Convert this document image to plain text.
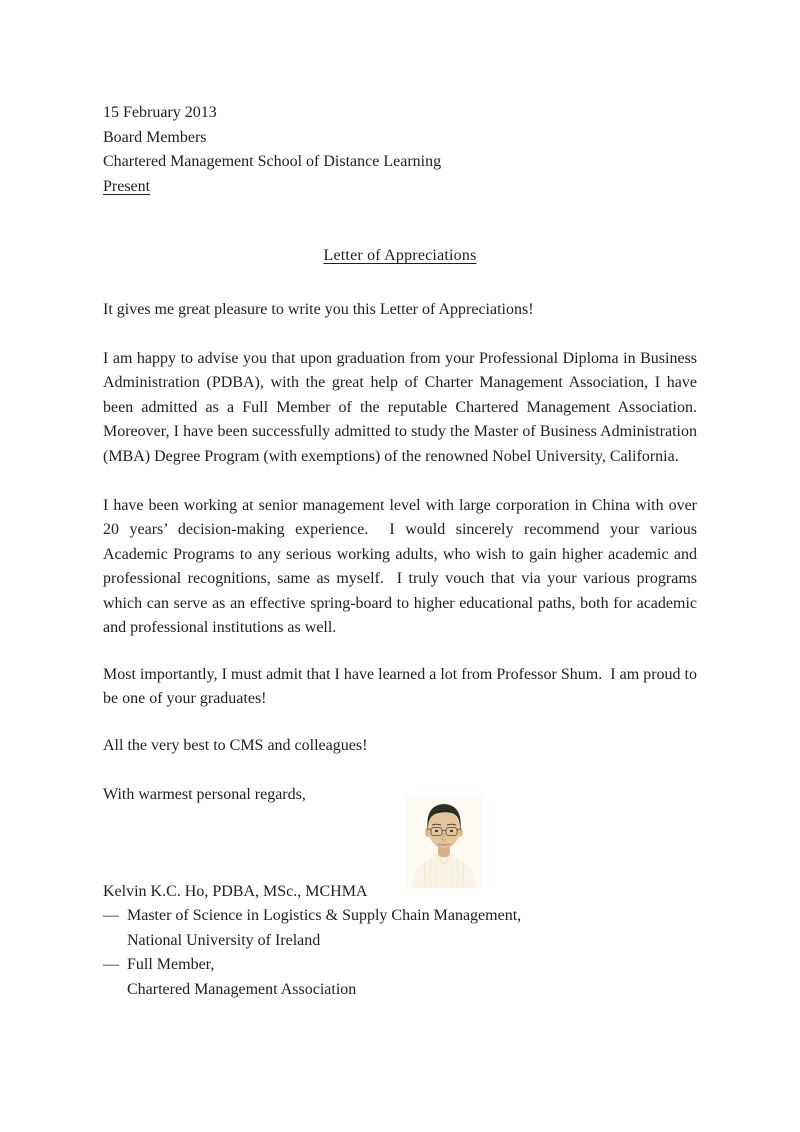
15 February 2013

Board Members

Chartered Management School of Distance Learning

Present

Letter of Appreciations

It gives me great pleasure to write you this Letter of Appreciations!

I am happy to advise you that upon graduation from your Professional Diploma in Business Administration (PDBA), with the great help of Charter Management Association, I have been admitted as a Full Member of the reputable Chartered Management Association.  Moreover, I have been successfully admitted to study the Master of Business Administration (MBA) Degree Program (with exemptions) of the renowned Nobel University, California.

I have been working at senior management level with large corporation in China with over 20 years’ decision-making experience.  I would sincerely recommend your various Academic Programs to any serious working adults, who wish to gain higher academic and professional recognitions, same as myself.  I truly vouch that via your various programs which can serve as an effective spring-board to higher educational paths, both for academic and professional institutions as well.

Most importantly, I must admit that I have learned a lot from Professor Shum.  I am proud to be one of your graduates!

All the very best to CMS and colleagues!

With warmest personal regards,

Kelvin K.C. Ho, PDBA, MSc., MCHMA

— Master of Science in Logistics & Supply Chain Management,
National University of Ireland
— Full Member,
Chartered Management Association
